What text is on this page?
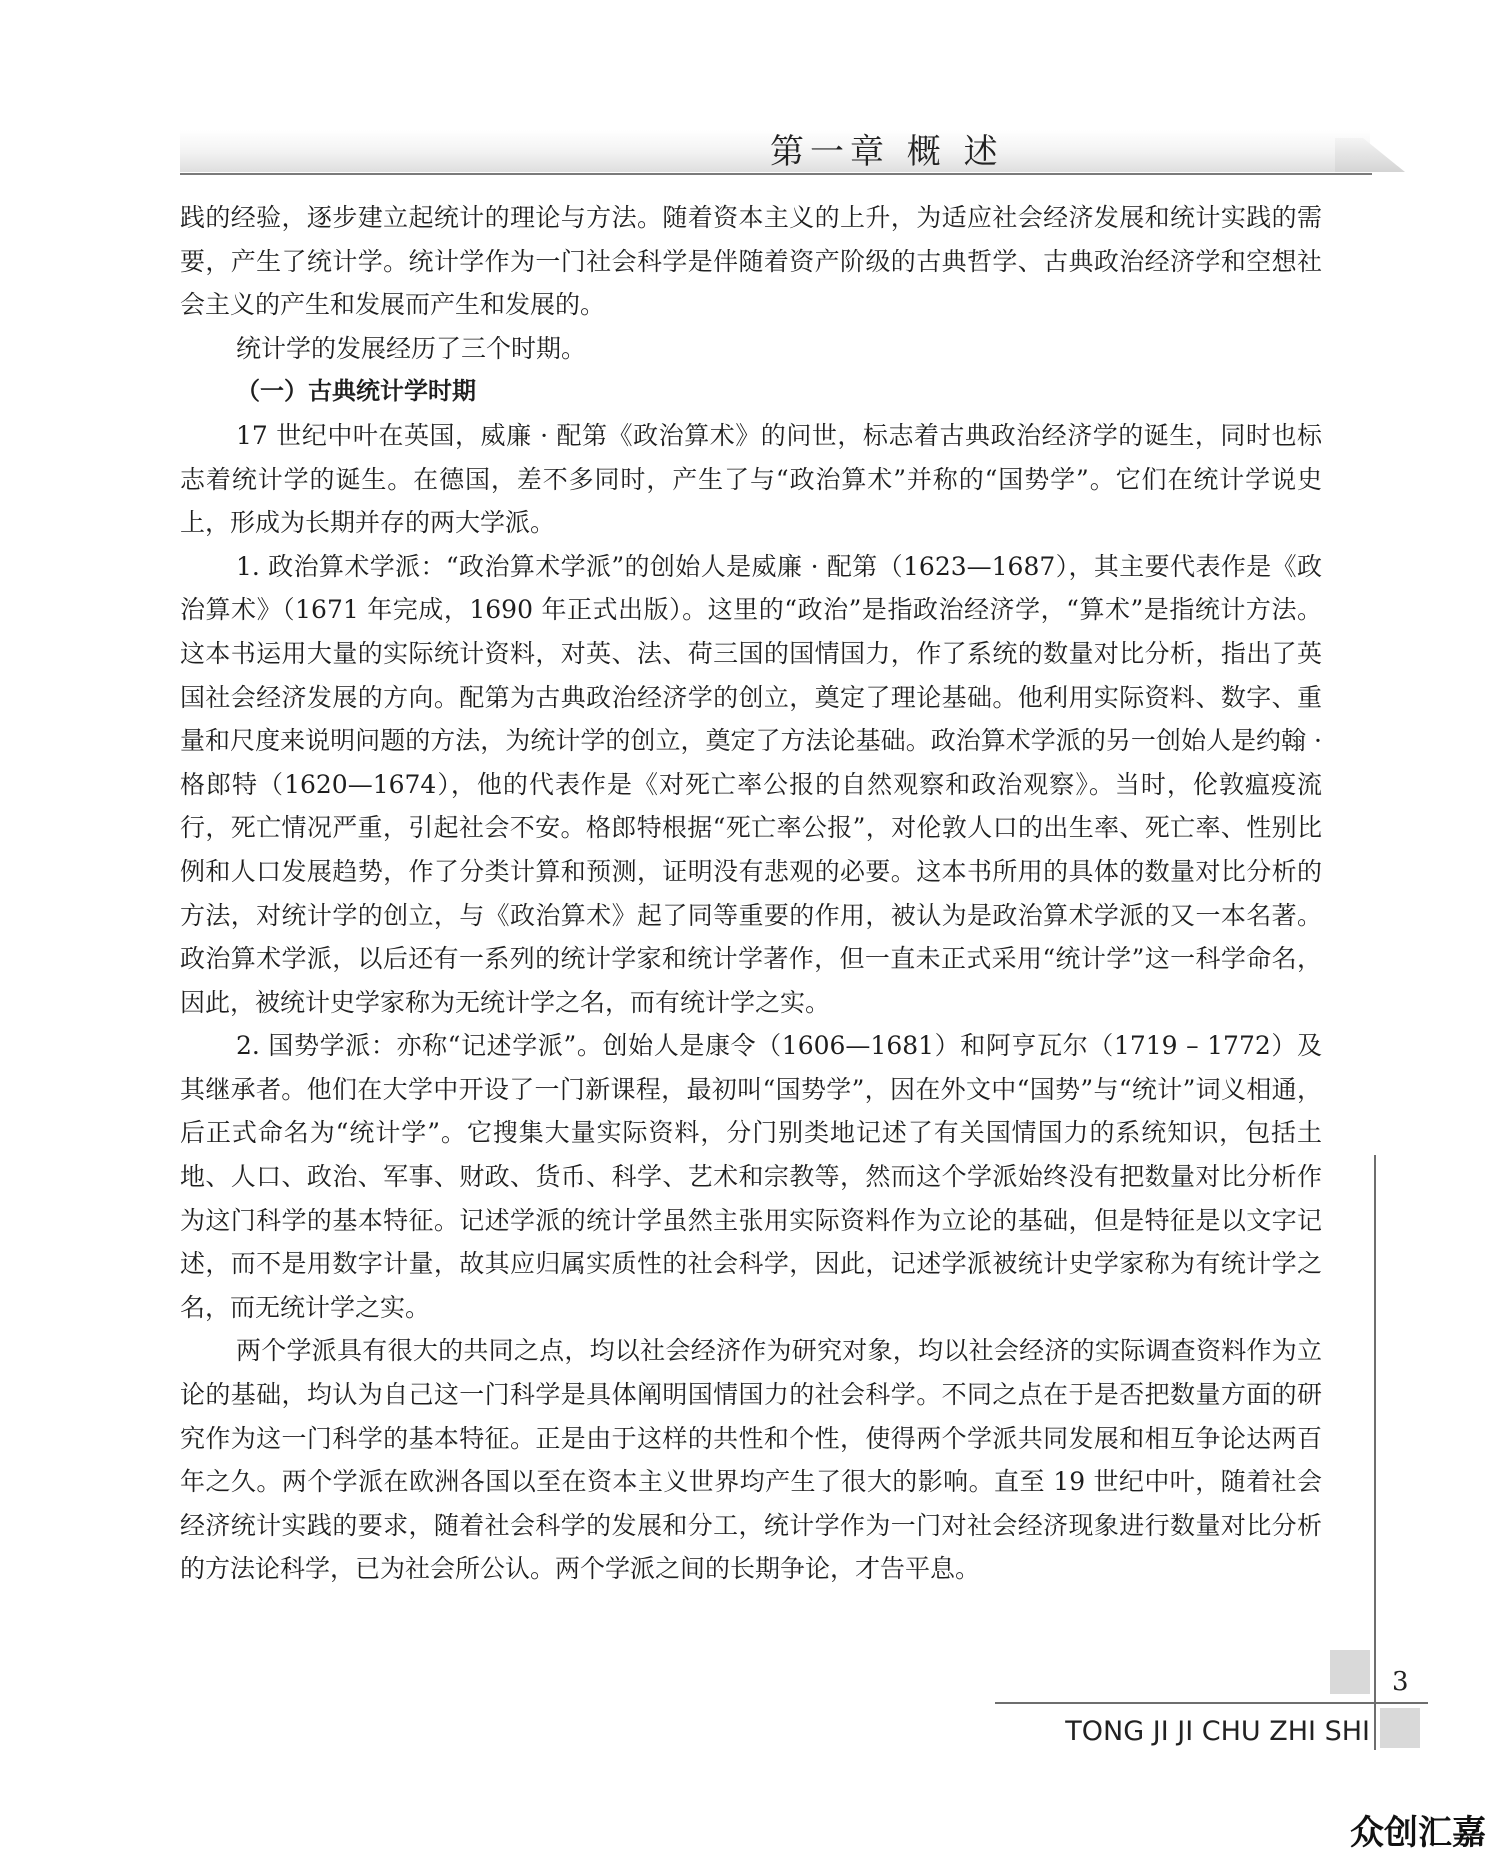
第一章 概 述

践的经验，逐步建立起统计的理论与方法。随着资本主义的上升，为适应社会经济发展和统计实践的需要，产生了统计学。统计学作为一门社会科学是伴随着资产阶级的古典哲学、古典政治经济学和空想社会主义的产生和发展而产生和发展的。

统计学的发展经历了三个时期。

（一）古典统计学时期

17 世纪中叶在英国，威廉 · 配第《政治算术》的问世，标志着古典政治经济学的诞生，同时也标志着统计学的诞生。在德国，差不多同时，产生了与“政治算术”并称的“国势学”。它们在统计学说史上，形成为长期并存的两大学派。

1. 政治算术学派：“政治算术学派”的创始人是威廉 · 配第（1623—1687），其主要代表作是《政治算术》（1671 年完成，1690 年正式出版）。这里的“政治”是指政治经济学，“算术”是指统计方法。这本书运用大量的实际统计资料，对英、法、荷三国的国情国力，作了系统的数量对比分析，指出了英国社会经济发展的方向。配第为古典政治经济学的创立，奠定了理论基础。他利用实际资料、数字、重量和尺度来说明问题的方法，为统计学的创立，奠定了方法论基础。政治算术学派的另一创始人是约翰 · 格郎特（1620—1674），他的代表作是《对死亡率公报的自然观察和政治观察》。当时，伦敦瘟疫流行，死亡情况严重，引起社会不安。格郎特根据“死亡率公报”，对伦敦人口的出生率、死亡率、性别比例和人口发展趋势，作了分类计算和预测，证明没有悲观的必要。这本书所用的具体的数量对比分析的方法，对统计学的创立，与《政治算术》起了同等重要的作用，被认为是政治算术学派的又一本名著。政治算术学派，以后还有一系列的统计学家和统计学著作，但一直未正式采用“统计学”这一科学命名，因此，被统计史学家称为无统计学之名，而有统计学之实。

2. 国势学派：亦称“记述学派”。创始人是康令（1606—1681）和阿亨瓦尔（1719 – 1772）及其继承者。他们在大学中开设了一门新课程，最初叫“国势学”，因在外文中“国势”与“统计”词义相通，后正式命名为“统计学”。它搜集大量实际资料，分门别类地记述了有关国情国力的系统知识，包括土地、人口、政治、军事、财政、货币、科学、艺术和宗教等，然而这个学派始终没有把数量对比分析作为这门科学的基本特征。记述学派的统计学虽然主张用实际资料作为立论的基础，但是特征是以文字记述，而不是用数字计量，故其应归属实质性的社会科学，因此，记述学派被统计史学家称为有统计学之名，而无统计学之实。

两个学派具有很大的共同之点，均以社会经济作为研究对象，均以社会经济的实际调查资料作为立论的基础，均认为自己这一门科学是具体阐明国情国力的社会科学。不同之点在于是否把数量方面的研究作为这一门科学的基本特征。正是由于这样的共性和个性，使得两个学派共同发展和相互争论达两百年之久。两个学派在欧洲各国以至在资本主义世界均产生了很大的影响。直至 19 世纪中叶，随着社会经济统计实践的要求，随着社会科学的发展和分工，统计学作为一门对社会经济现象进行数量对比分析的方法论科学，已为社会所公认。两个学派之间的长期争论，才告平息。

3
TONG JI JI CHU ZHI SHI
众创汇嘉
